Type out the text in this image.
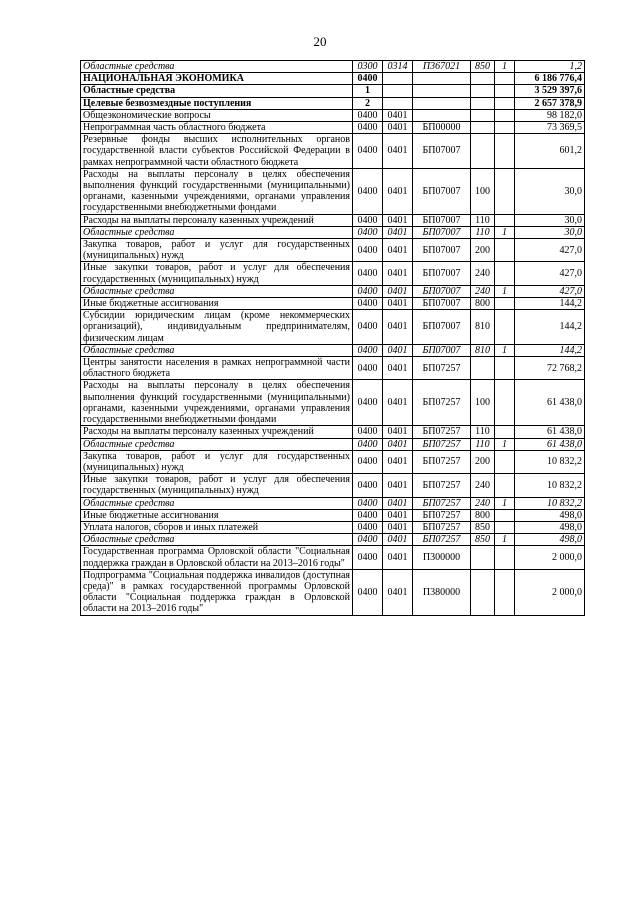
20
Областные средства	0300	0314	П367021	850	1	1,2
НАЦИОНАЛЬНАЯ ЭКОНОМИКА	0400					6 186 776,4
Областные средства	1					3 529 397,6
Целевые безвозмездные поступления	2					2 657 378,9
Общеэкономические вопросы	0400	0401				98 182,0
Непрограммная часть областного бюджета	0400	0401	БП00000			73 369,5
Резервные фонды высших исполнительных органов государственной власти субъектов Российской Федерации в рамках непрограммной части областного бюджета	0400	0401	БП07007			601,2
Расходы на выплаты персоналу в целях обеспечения выполнения функций государственными (муниципальными) органами, казенными учреждениями, органами управления государственными внебюджетными фондами	0400	0401	БП07007	100		30,0
Расходы на выплаты персоналу казенных учреждений	0400	0401	БП07007	110		30,0
Областные средства	0400	0401	БП07007	110	1	30,0
Закупка товаров, работ и услуг для государственных (муниципальных) нужд	0400	0401	БП07007	200		427,0
Иные закупки товаров, работ и услуг для обеспечения государственных (муниципальных) нужд	0400	0401	БП07007	240		427,0
Областные средства	0400	0401	БП07007	240	1	427,0
Иные бюджетные ассигнования	0400	0401	БП07007	800		144,2
Субсидии юридическим лицам (кроме некоммерческих организаций), индивидуальным предпринимателям, физическим лицам	0400	0401	БП07007	810		144,2
Областные средства	0400	0401	БП07007	810	1	144,2
Центры занятости населения в рамках непрограммной части областного бюджета	0400	0401	БП07257			72 768,2
Расходы на выплаты персоналу в целях обеспечения выполнения функций государственными (муниципальными) органами, казенными учреждениями, органами управления государственными внебюджетными фондами	0400	0401	БП07257	100		61 438,0
Расходы на выплаты персоналу казенных учреждений	0400	0401	БП07257	110		61 438,0
Областные средства	0400	0401	БП07257	110	1	61 438,0
Закупка товаров, работ и услуг для государственных (муниципальных) нужд	0400	0401	БП07257	200		10 832,2
Иные закупки товаров, работ и услуг для обеспечения государственных (муниципальных) нужд	0400	0401	БП07257	240		10 832,2
Областные средства	0400	0401	БП07257	240	1	10 832,2
Иные бюджетные ассигнования	0400	0401	БП07257	800		498,0
Уплата налогов, сборов и иных платежей	0400	0401	БП07257	850		498,0
Областные средства	0400	0401	БП07257	850	1	498,0
Государственная программа Орловской области "Социальная поддержка граждан в Орловской области на 2013–2016 годы"	0400	0401	П300000			2 000,0
Подпрограмма "Социальная поддержка инвалидов (доступная среда)" в рамках государственной программы Орловской области "Социальная поддержка граждан в Орловской области на 2013–2016 годы"	0400	0401	П380000			2 000,0
